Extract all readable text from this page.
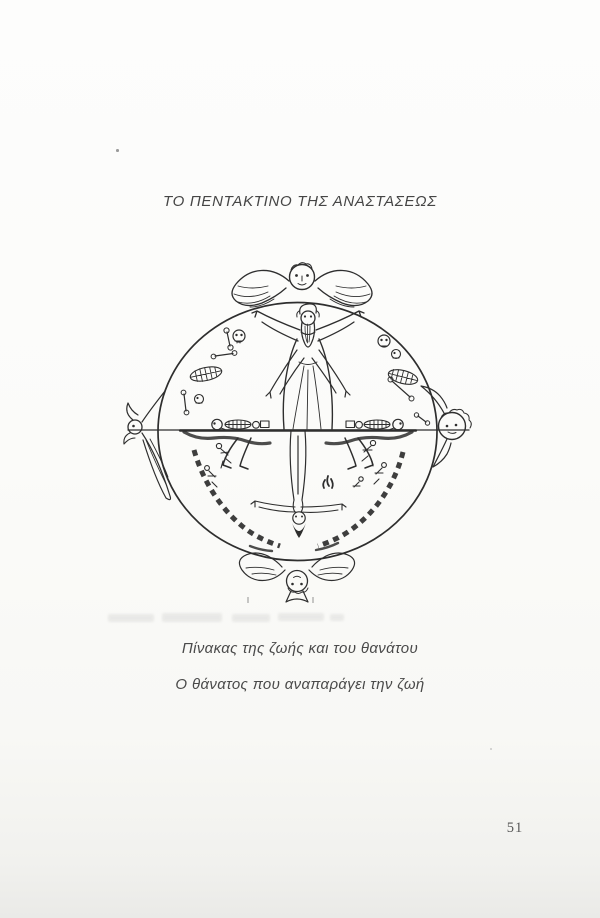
ΤΟ ΠΕΝΤΑΚΤΙΝΟ ΤΗΣ ΑΝΑΣΤΑΣΕΩΣ

Πίνακας της ζωής και του θανάτου

Ο θάνατος που αναπαράγει την ζωή

51
